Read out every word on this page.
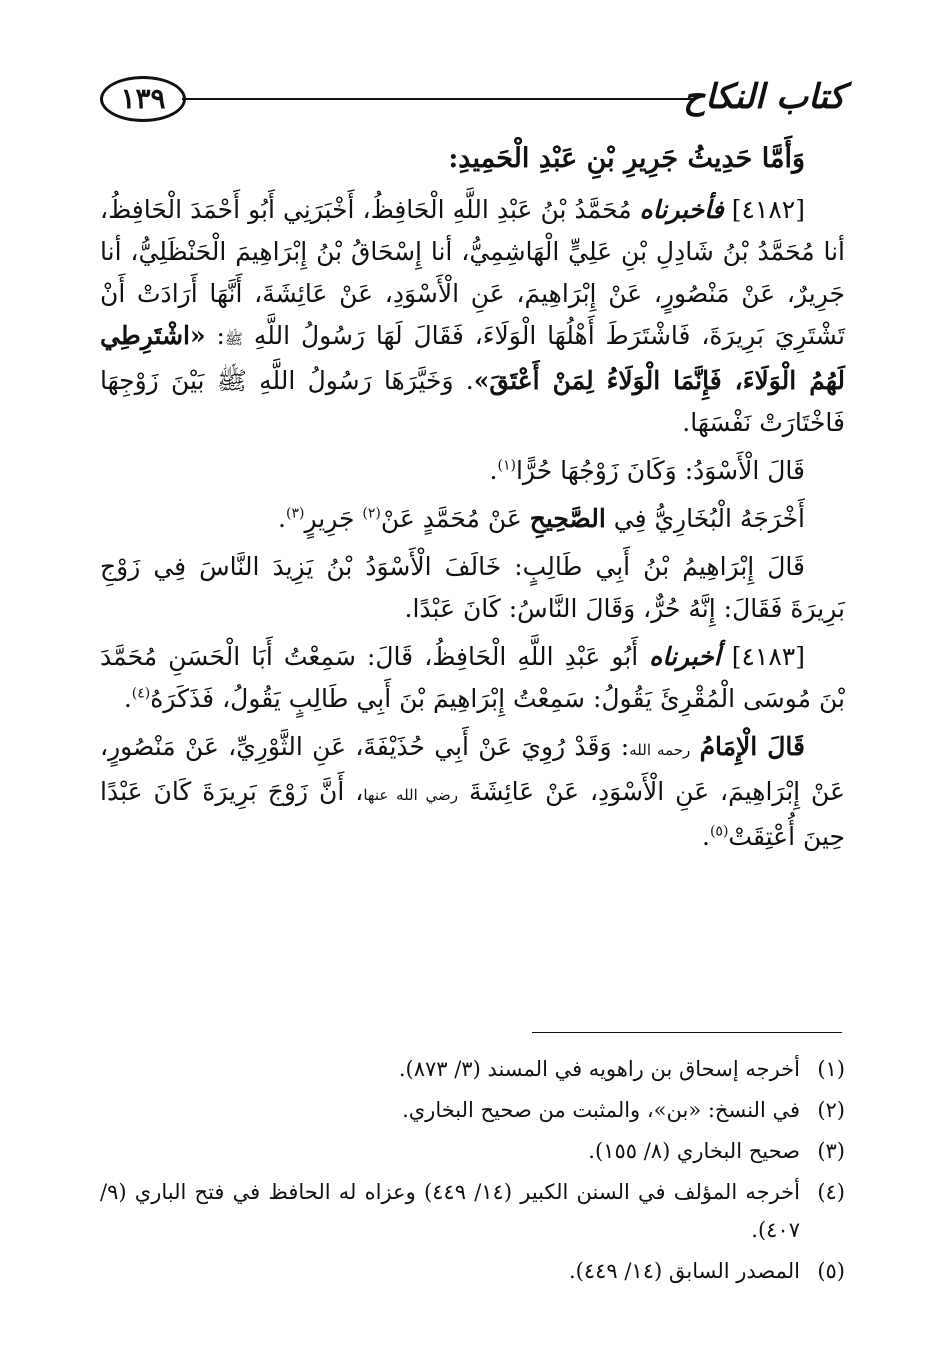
كتاب النكاح
١٣٩

وَأَمَّا حَدِيثُ جَرِيرِ بْنِ عَبْدِ الْحَمِيدِ:

[٤١٨٢] فأخبرناه مُحَمَّدُ بْنُ عَبْدِ اللَّهِ الْحَافِظُ، أَخْبَرَنِي أَبُو أَحْمَدَ الْحَافِظُ، أنا مُحَمَّدُ بْنُ شَادِلِ بْنِ عَلِيٍّ الْهَاشِمِيُّ، أنا إِسْحَاقُ بْنُ إِبْرَاهِيمَ الْحَنْظَلِيُّ، أنا جَرِيرٌ، عَنْ مَنْصُورٍ، عَنْ إِبْرَاهِيمَ، عَنِ الْأَسْوَدِ، عَنْ عَائِشَةَ، أَنَّهَا أَرَادَتْ أَنْ تَشْتَرِيَ بَرِيرَةَ، فَاشْتَرَطَ أَهْلُهَا الْوَلَاءَ، فَقَالَ لَهَا رَسُولُ اللَّهِ ﷺ: «اشْتَرِطِي لَهُمُ الْوَلَاءَ، فَإِنَّمَا الْوَلَاءُ لِمَنْ أَعْتَقَ». وَخَيَّرَهَا رَسُولُ اللَّهِ ﷺ بَيْنَ زَوْجِهَا فَاخْتَارَتْ نَفْسَهَا.

قَالَ الْأَسْوَدُ: وَكَانَ زَوْجُهَا حُرًّا$^{(١)}$.

أَخْرَجَهُ الْبُخَارِيُّ فِي الصَّحِيحِ عَنْ مُحَمَّدٍ عَنْ$^{(٢)}$ جَرِيرٍ$^{(٣)}$.

قَالَ إِبْرَاهِيمُ بْنُ أَبِي طَالِبٍ: خَالَفَ الْأَسْوَدُ بْنُ يَزِيدَ النَّاسَ فِي زَوْجِ بَرِيرَةَ فَقَالَ: إِنَّهُ حُرٌّ، وَقَالَ النَّاسُ: كَانَ عَبْدًا.

[٤١٨٣] أخبرناه أَبُو عَبْدِ اللَّهِ الْحَافِظُ، قَالَ: سَمِعْتُ أَبَا الْحَسَنِ مُحَمَّدَ بْنَ مُوسَى الْمُقْرِئَ يَقُولُ: سَمِعْتُ إِبْرَاهِيمَ بْنَ أَبِي طَالِبٍ يَقُولُ، فَذَكَرَهُ$^{(٤)}$.

قَالَ الْإِمَامُ رحمه الله: وَقَدْ رُوِيَ عَنْ أَبِي حُذَيْفَةَ، عَنِ الثَّوْرِيِّ، عَنْ مَنْصُورٍ، عَنْ إِبْرَاهِيمَ، عَنِ الْأَسْوَدِ، عَنْ عَائِشَةَ رضي الله عنها، أَنَّ زَوْجَ بَرِيرَةَ كَانَ عَبْدًا حِينَ أُعْتِقَتْ$^{(٥)}$.

(١)
أخرجه إسحاق بن راهويه في المسند (٣/ ٨٧٣).
(٢)
في النسخ: «بن»، والمثبت من صحيح البخاري.
(٣)
صحيح البخاري (٨/ ١٥٥).
(٤)
أخرجه المؤلف في السنن الكبير (١٤/ ٤٤٩) وعزاه له الحافظ في فتح الباري (٩/ ٤٠٧).
(٥)
المصدر السابق (١٤/ ٤٤٩).
